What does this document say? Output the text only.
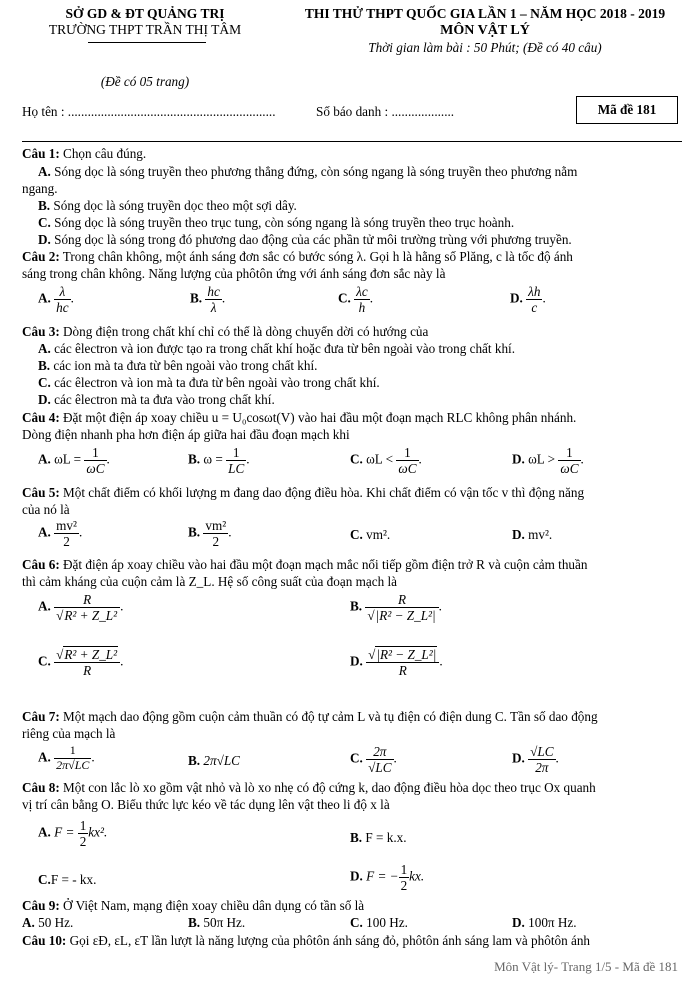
SỞ GD & ĐT QUẢNG TRỊ
TRƯỜNG THPT TRẦN THỊ TÂM
(Đề có 05 trang)
THI THỬ THPT QUỐC GIA LẦN 1 – NĂM HỌC 2018 - 2019
MÔN VẬT LÝ
Thời gian làm bài : 50 Phút; (Đề có 40 câu)
Họ tên : ...............................................................	Số báo danh : ...................	Mã đề 181
Câu 1: Chọn câu đúng.
A. Sóng dọc là sóng truyền theo phương thẳng đứng, còn sóng ngang là sóng truyền theo phương nằm
ngang.
B. Sóng dọc là sóng truyền dọc theo một sợi dây.
C. Sóng dọc là sóng truyền theo trục tung, còn sóng ngang là sóng truyền theo trục hoành.
D. Sóng dọc là sóng trong đó phương dao động của các phần tử môi trường trùng với phương truyền.
Câu 2: Trong chân không, một ánh sáng đơn sắc có bước sóng λ. Gọi h là hằng số Plăng, c là tốc độ ánh
sáng trong chân không. Năng lượng của phôtôn ứng với ánh sáng đơn sắc này là
A. $\frac{\lambda}{hc}$ .	B. $\frac{hc}{\lambda}$ .	C. $\frac{\lambda c}{h}$ .	D. $\frac{\lambda h}{c}$ .
Câu 3: Dòng điện trong chất khí chỉ có thể là dòng chuyển dời có hướng của
A. các êlectron và ion được tạo ra trong chất khí hoặc đưa từ bên ngoài vào trong chất khí.
B. các ion mà ta đưa từ bên ngoài vào trong chất khí.
C. các êlectron và ion mà ta đưa từ bên ngoài vào trong chất khí.
D. các êlectron mà ta đưa vào trong chất khí.
Câu 4: Đặt một điện áp xoay chiều u = U₀cosωt(V) vào hai đầu một đoạn mạch RLC không phân nhánh.
Dòng điện nhanh pha hơn điện áp giữa hai đầu đoạn mạch khi
A. $\omega L = \frac{1}{\omega C}$ .	B. $\omega = \frac{1}{LC}$ .	C. $\omega L < \frac{1}{\omega C}$ .	D. $\omega L > \frac{1}{\omega C}$ .
Câu 5: Một chất điểm có khối lượng m đang dao động điều hòa. Khi chất điểm có vận tốc v thì động năng
của nó là
A. $\frac{\text{mv²}}{2}$ .	B. $\frac{\text{vm²}}{2}$ .	C. vm².	D. mv².
Câu 6: Đặt điện áp xoay chiều vào hai đầu một đoạn mạch mắc nối tiếp gồm điện trở R và cuộn cảm thuần
thì cảm kháng của cuộn cảm là Z_L. Hệ số công suất của đoạn mạch là
A. $\frac{R}{\text{√R² + Z\_L²}}$ .	B. $\frac{R}{\text{√|R² − Z\_L²|}}$ .
C. $\frac{\text{√R² + Z\_L²}}{R}$ .	D. $\frac{\text{√|R² − Z\_L²|}}{R}$ .
Câu 7: Một mạch dao động gồm cuộn cảm thuần có độ tự cảm L và tụ điện có điện dung C. Tần số dao động
riêng của mạch là
A. $\frac{1}{2\pi√LC}$ .	B. 2π√LC	C. $\frac{2\pi}{√LC}$ .	D. $\frac{√LC}{2\pi}$ .
Câu 8: Một con lắc lò xo gồm vật nhỏ và lò xo nhẹ có độ cứng k, dao động điều hòa dọc theo trục Ox quanh
vị trí cân bằng O. Biểu thức lực kéo về tác dụng lên vật theo li độ x là
A. $F = \frac{1}{2} kx^2$.	B. F = k.x.
C.F = - kx.	D. F = − $\frac{1}{2}$ kx.
Câu 9: Ở Việt Nam, mạng điện xoay chiều dân dụng có tần số là
A. 50 Hz.	B. 50π Hz.	C. 100 Hz.	D. 100π Hz.
Câu 10: Gọi εĐ, εL, εT lần lượt là năng lượng của phôtôn ánh sáng đỏ, phôtôn ánh sáng lam và phôtôn ánh
Môn Vật lý- Trang 1/5 - Mã đề 181
